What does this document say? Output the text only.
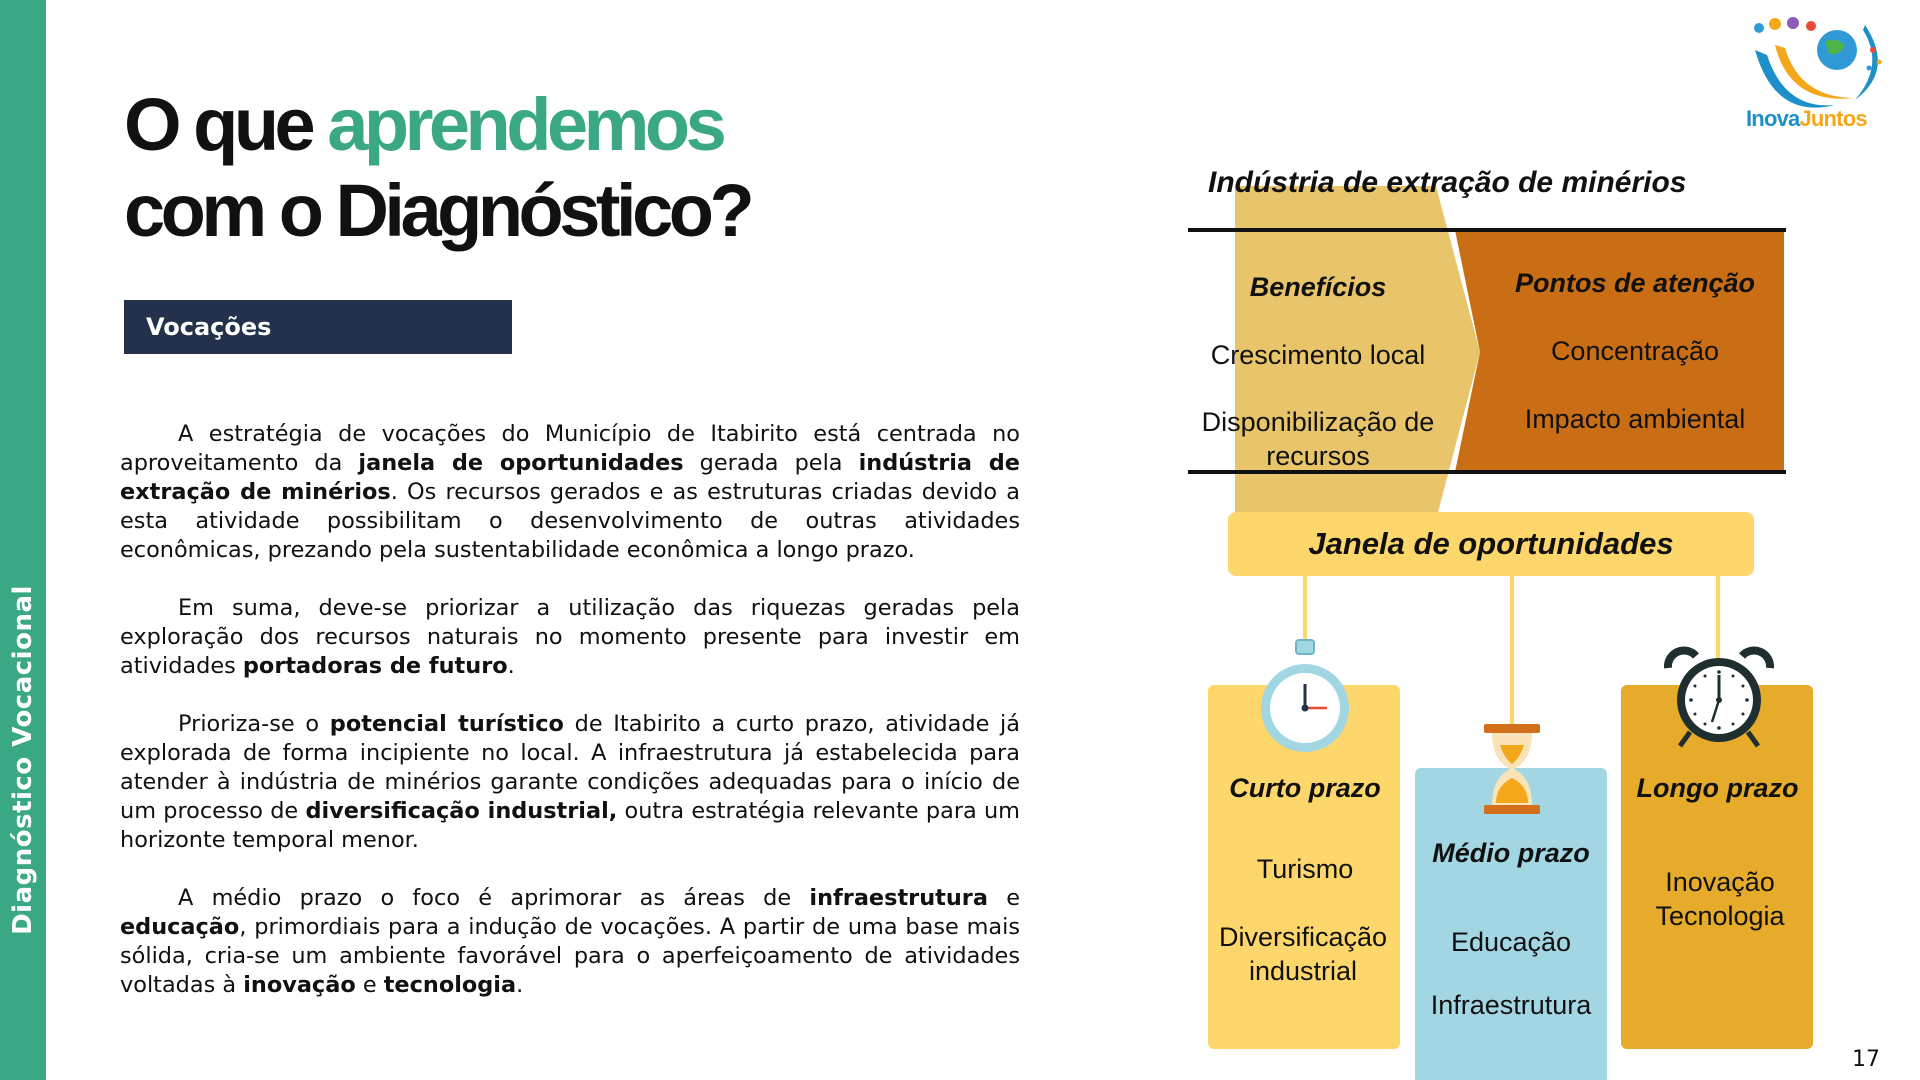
Diagnóstico Vocacional
O que aprendemos
com o Diagnóstico?
Vocações

A estratégia de vocações do Município de Itabirito está centrada no aproveitamento da janela de oportunidades gerada pela indústria de extração de minérios. Os recursos gerados e as estruturas criadas devido a esta atividade possibilitam o desenvolvimento de outras atividades econômicas, prezando pela sustentabilidade econômica a longo prazo.

Em suma, deve-se priorizar a utilização das riquezas geradas pela exploração dos recursos naturais no momento presente para investir em atividades portadoras de futuro.

Prioriza-se o potencial turístico de Itabirito a curto prazo, atividade já explorada de forma incipiente no local. A infraestrutura já estabelecida para atender à indústria de minérios garante condições adequadas para o início de um processo de diversificação industrial, outra estratégia relevante para um horizonte temporal menor.

A médio prazo o foco é aprimorar as áreas de infraestrutura e educação, primordiais para a indução de vocações. A partir de uma base mais sólida, cria-se um ambiente favorável para o aperfeiçoamento de atividades voltadas à inovação e tecnologia.

InovaJuntos
Indústria de extração de minérios
Benefícios
Crescimento local
Disponibilização de recursos
Pontos de atenção
Concentração
Impacto ambiental
Janela de oportunidades
Curto prazo
Turismo
Diversificação industrial
Médio prazo
Educação
Infraestrutura
Longo prazo
Inovação
Tecnologia
17
